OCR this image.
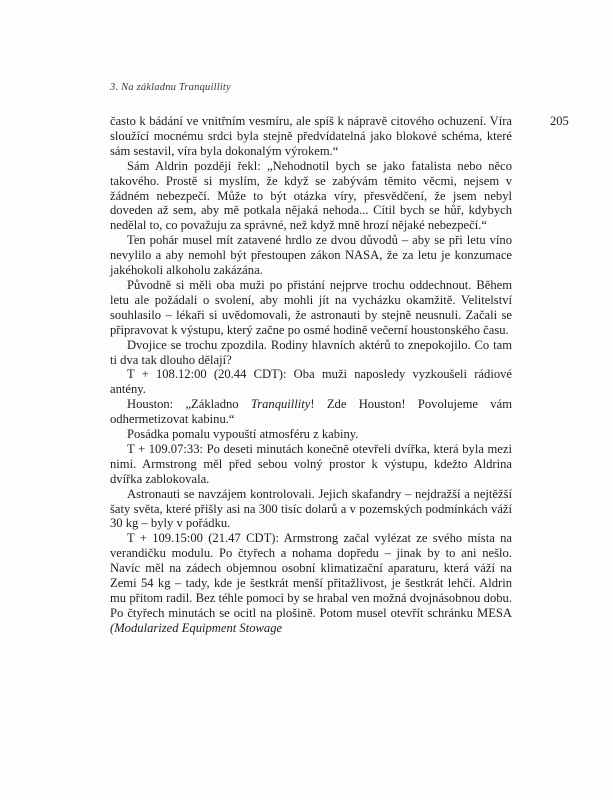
3. Na základnu Tranquillity
205

často k bádání ve vnitřním vesmíru, ale spíš k nápravě citového ochuzení. Víra sloužící mocnému srdci byla stejně předvídatelná jako blokové schéma, které sám sestavil, víra byla dokonalým výrokem.“

Sám Aldrin později řekl: „Nehodnotil bych se jako fatalista nebo něco takového. Prostě si myslím, že když se zabývám těmito věcmi, nejsem v žádném nebezpečí. Může to být otázka víry, přesvědčení, že jsem nebyl doveden až sem, aby mě potkala nějaká nehoda... Cítil bych se hůř, kdybych nedělal to, co považuju za správné, než když mně hrozí nějaké nebezpečí.“

Ten pohár musel mít zatavené hrdlo ze dvou důvodů – aby se při letu víno nevylilo a aby nemohl být přestoupen zákon NASA, že za letu je konzumace jakéhokoli alkoholu zakázána.

Původně si měli oba muži po přistání nejprve trochu oddechnout. Během letu ale požádali o svolení, aby mohli jít na vycházku okamžitě. Velitelství souhlasilo – lékaři si uvědomovali, že astronauti by stejně neusnuli. Začali se připravovat k výstupu, který začne po osmé hodině večerní houstonského času.

Dvojice se trochu zpozdila. Rodiny hlavních aktérů to znepokojilo. Co tam ti dva tak dlouho dělají?

T + 108.12:00 (20.44 CDT): Oba muži naposledy vyzkoušeli rádiové antény.

Houston: „Základno Tranquillity! Zde Houston! Povolujeme vám odhermetizovat kabinu.“

Posádka pomalu vypouští atmosféru z kabiny.

T + 109.07:33: Po deseti minutách konečně otevřeli dvířka, která byla mezi nimi. Armstrong měl před sebou volný prostor k výstupu, kdežto Aldrina dvířka zablokovala.

Astronauti se navzájem kontrolovali. Jejich skafandry – nejdražší a nejtěžší šaty světa, které přišly asi na 300 tisíc dolarů a v pozemských podmínkách váží 30 kg – byly v pořádku.

T + 109.15:00 (21.47 CDT): Armstrong začal vylézat ze svého místa na verandičku modulu. Po čtyřech a nohama dopředu – jinak by to ani nešlo. Navíc měl na zádech objemnou osobní klimatizační aparaturu, která váží na Zemi 54 kg – tady, kde je šestkrát menší přitažlivost, je šestkrát lehčí. Aldrin mu přitom radil. Bez téhle pomoci by se hrabal ven možná dvojnásobnou dobu. Po čtyřech minutách se ocitl na plošině. Potom musel otevřít schránku MESA (Modularized Equipment Stowage
